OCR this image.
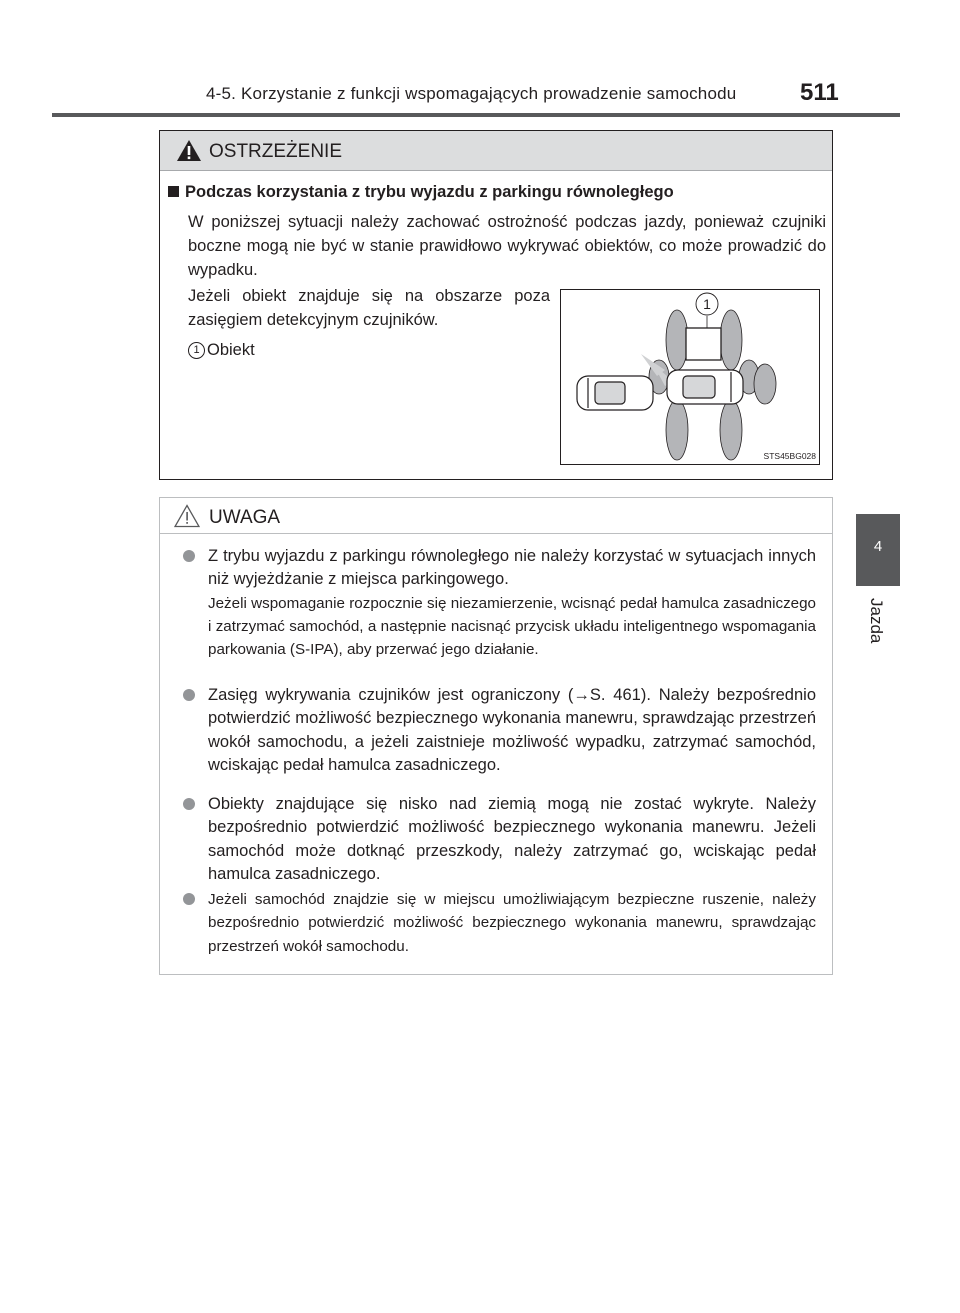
4-5. Korzystanie z funkcji wspomagających prowadzenie samochodu	511
4
Jazda
OSTRZEŻENIE
Podczas korzystania z trybu wyjazdu z parkingu równoległego
W poniższej sytuacji należy zachować ostrożność podczas jazdy, ponieważ czujniki boczne mogą nie być w stanie prawidłowo wykrywać obiektów, co może prowadzić do wypadku.
Jeżeli obiekt znajduje się na obszarze poza zasięgiem detekcyjnym czujników.
1 Obiekt
1
STS45BG028
UWAGA
Z trybu wyjazdu z parkingu równoległego nie należy korzystać w sytuacjach innych niż wyjeżdżanie z miejsca parkingowego.
Jeżeli wspomaganie rozpocznie się niezamierzenie, wcisnąć pedał hamulca zasadniczego i zatrzymać samochód, a następnie nacisnąć przycisk układu inteligentnego wspomagania parkowania (S-IPA), aby przerwać jego działanie.
Zasięg wykrywania czujników jest ograniczony (→S. 461). Należy bezpośrednio potwierdzić możliwość bezpiecznego wykonania manewru, sprawdzając przestrzeń wokół samochodu, a jeżeli zaistnieje możliwość wypadku, zatrzymać samochód, wciskając pedał hamulca zasadniczego.
Obiekty znajdujące się nisko nad ziemią mogą nie zostać wykryte. Należy bezpośrednio potwierdzić możliwość bezpiecznego wykonania manewru. Jeżeli samochód może dotknąć przeszkody, należy zatrzymać go, wciskając pedał hamulca zasadniczego.
Jeżeli samochód znajdzie się w miejscu umożliwiającym bezpieczne ruszenie, należy bezpośrednio potwierdzić możliwość bezpiecznego wykonania manewru, sprawdzając przestrzeń wokół samochodu.
